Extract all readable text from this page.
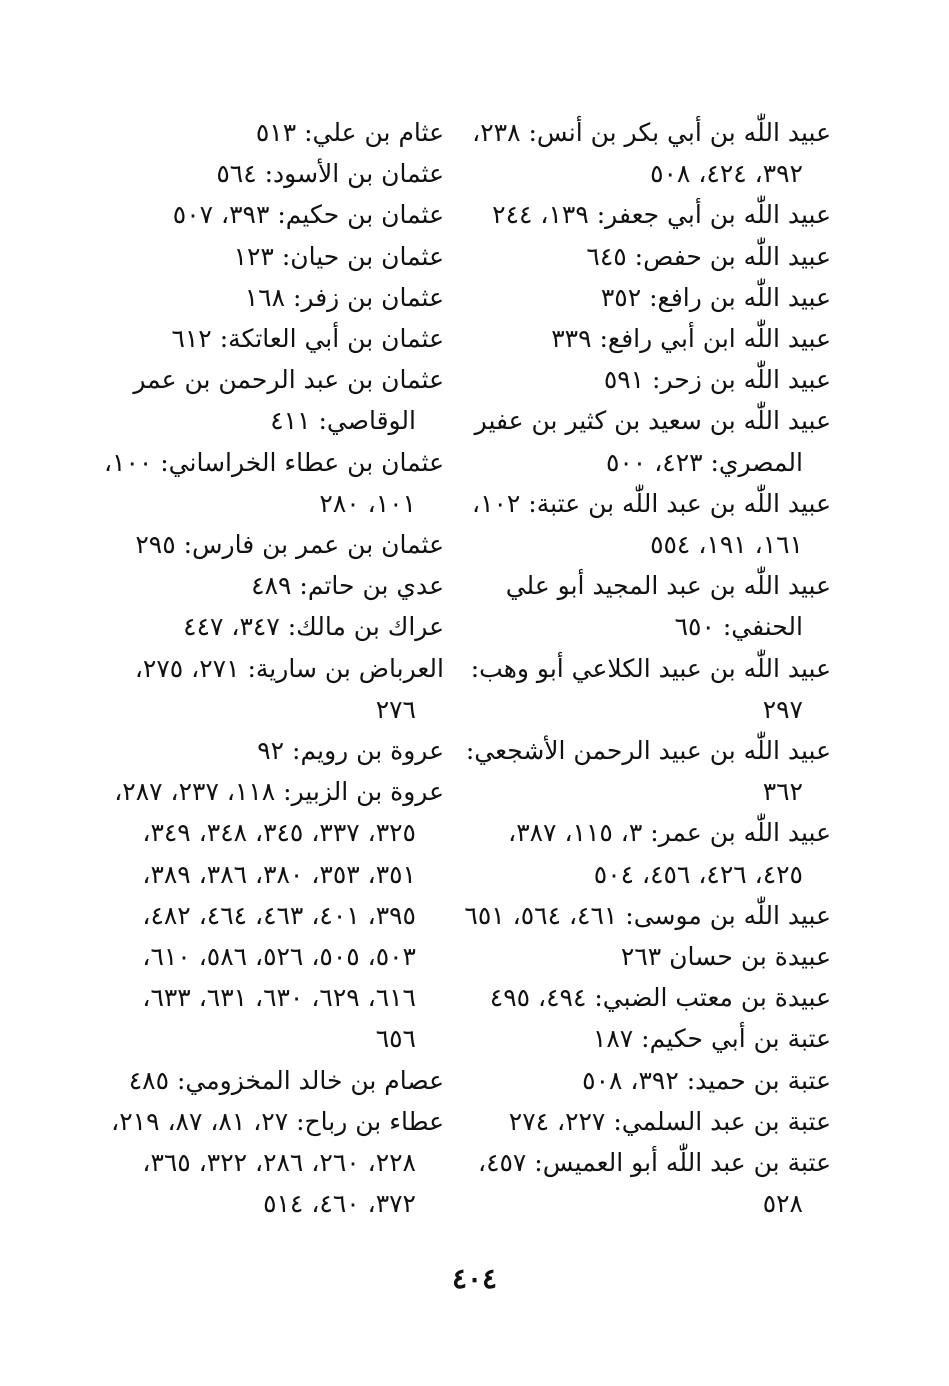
عبيد اللّٰه بن أبي بكر بن أنس: ٢٣٨،
٣٩٢، ٤٢٤، ٥٠٨
عبيد اللّٰه بن أبي جعفر: ١٣٩، ٢٤٤
عبيد اللّٰه بن حفص: ٦٤٥
عبيد اللّٰه بن رافع: ٣٥٢
عبيد اللّٰه ابن أبي رافع: ٣٣٩
عبيد اللّٰه بن زحر: ٥٩١
عبيد اللّٰه بن سعيد بن كثير بن عفير
المصري: ٤٢٣، ٥٠٠
عبيد اللّٰه بن عبد اللّٰه بن عتبة: ١٠٢،
١٦١، ١٩١، ٥٥٤
عبيد اللّٰه بن عبد المجيد أبو علي
الحنفي: ٦٥٠
عبيد اللّٰه بن عبيد الكلاعي أبو وهب:
٢٩٧
عبيد اللّٰه بن عبيد الرحمن الأشجعي:
٣٦٢
عبيد اللّٰه بن عمر: ٣، ١١٥، ٣٨٧،
٤٢٥، ٤٢٦، ٤٥٦، ٥٠٤
عبيد اللّٰه بن موسى: ٤٦١، ٥٦٤، ٦٥١
عبيدة بن حسان ٢٦٣
عبيدة بن معتب الضبي: ٤٩٤، ٤٩٥
عتبة بن أبي حكيم: ١٨٧
عتبة بن حميد: ٣٩٢، ٥٠٨
عتبة بن عبد السلمي: ٢٢٧، ٢٧٤
عتبة بن عبد اللّٰه أبو العميس: ٤٥٧،
٥٢٨
عثام بن علي: ٥١٣
عثمان بن الأسود: ٥٦٤
عثمان بن حكيم: ٣٩٣، ٥٠٧
عثمان بن حيان: ١٢٣
عثمان بن زفر: ١٦٨
عثمان بن أبي العاتكة: ٦١٢
عثمان بن عبد الرحمن بن عمر
الوقاصي: ٤١١
عثمان بن عطاء الخراساني: ١٠٠،
١٠١، ٢٨٠
عثمان بن عمر بن فارس: ٢٩٥
عدي بن حاتم: ٤٨٩
عراك بن مالك: ٣٤٧، ٤٤٧
العرباض بن سارية: ٢٧١، ٢٧٥،
٢٧٦
عروة بن رويم: ٩٢
عروة بن الزبير: ١١٨، ٢٣٧، ٢٨٧،
٣٢٥، ٣٣٧، ٣٤٥، ٣٤٨، ٣٤٩،
٣٥١، ٣٥٣، ٣٨٠، ٣٨٦، ٣٨٩،
٣٩٥، ٤٠١، ٤٦٣، ٤٦٤، ٤٨٢،
٥٠٣، ٥٠٥، ٥٢٦، ٥٨٦، ٦١٠،
٦١٦، ٦٢٩، ٦٣٠، ٦٣١، ٦٣٣،
٦٥٦
عصام بن خالد المخزومي: ٤٨٥
عطاء بن رباح: ٢٧، ٨١، ٨٧، ٢١٩،
٢٢٨، ٢٦٠، ٢٨٦، ٣٢٢، ٣٦٥،
٣٧٢، ٤٦٠، ٥١٤
٤٠٤
